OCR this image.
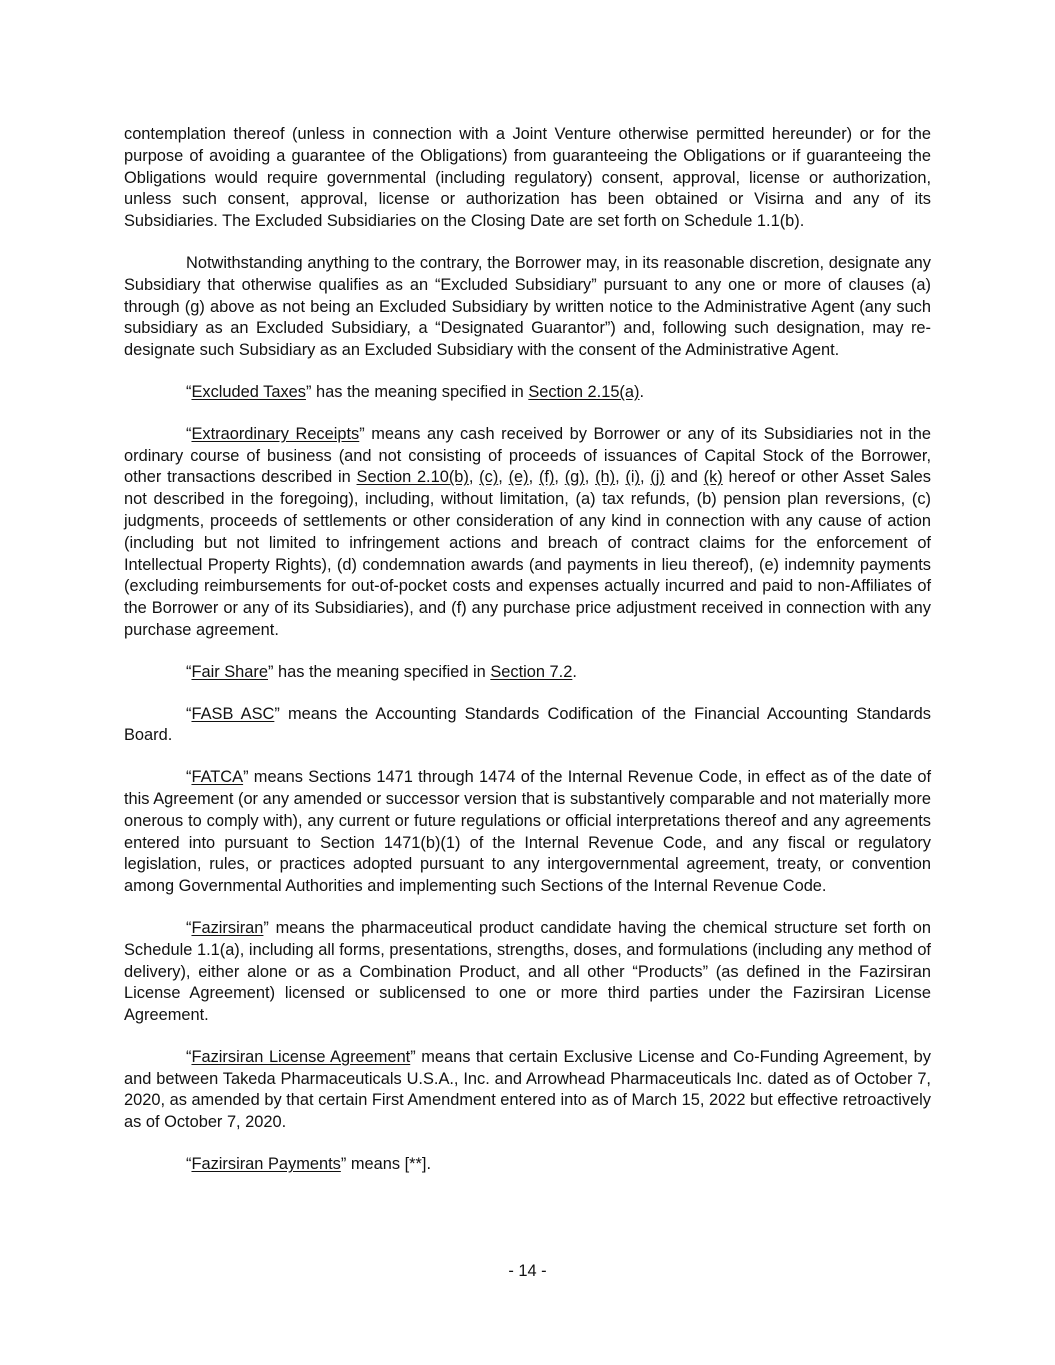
contemplation thereof (unless in connection with a Joint Venture otherwise permitted hereunder) or for the purpose of avoiding a guarantee of the Obligations) from guaranteeing the Obligations or if guaranteeing the Obligations would require governmental (including regulatory) consent, approval, license or authorization, unless such consent, approval, license or authorization has been obtained or Visirna and any of its Subsidiaries. The Excluded Subsidiaries on the Closing Date are set forth on Schedule 1.1(b).

Notwithstanding anything to the contrary, the Borrower may, in its reasonable discretion, designate any Subsidiary that otherwise qualifies as an “Excluded Subsidiary” pursuant to any one or more of clauses (a) through (g) above as not being an Excluded Subsidiary by written notice to the Administrative Agent (any such subsidiary as an Excluded Subsidiary, a “Designated Guarantor”) and, following such designation, may re-designate such Subsidiary as an Excluded Subsidiary with the consent of the Administrative Agent.

“Excluded Taxes” has the meaning specified in Section 2.15(a).

“Extraordinary Receipts” means any cash received by Borrower or any of its Subsidiaries not in the ordinary course of business (and not consisting of proceeds of issuances of Capital Stock of the Borrower, other transactions described in Section 2.10(b), (c), (e), (f), (g), (h), (i), (j) and (k) hereof or other Asset Sales not described in the foregoing), including, without limitation, (a) tax refunds, (b) pension plan reversions, (c) judgments, proceeds of settlements or other consideration of any kind in connection with any cause of action (including but not limited to infringement actions and breach of contract claims for the enforcement of Intellectual Property Rights), (d) condemnation awards (and payments in lieu thereof), (e) indemnity payments (excluding reimbursements for out-of-pocket costs and expenses actually incurred and paid to non-Affiliates of the Borrower or any of its Subsidiaries), and (f) any purchase price adjustment received in connection with any purchase agreement.

“Fair Share” has the meaning specified in Section 7.2.

“FASB ASC” means the Accounting Standards Codification of the Financial Accounting Standards Board.

“FATCA” means Sections 1471 through 1474 of the Internal Revenue Code, in effect as of the date of this Agreement (or any amended or successor version that is substantively comparable and not materially more onerous to comply with), any current or future regulations or official interpretations thereof and any agreements entered into pursuant to Section 1471(b)(1) of the Internal Revenue Code, and any fiscal or regulatory legislation, rules, or practices adopted pursuant to any intergovernmental agreement, treaty, or convention among Governmental Authorities and implementing such Sections of the Internal Revenue Code.

“Fazirsiran” means the pharmaceutical product candidate having the chemical structure set forth on Schedule 1.1(a), including all forms, presentations, strengths, doses, and formulations (including any method of delivery), either alone or as a Combination Product, and all other “Products” (as defined in the Fazirsiran License Agreement) licensed or sublicensed to one or more third parties under the Fazirsiran License Agreement.

“Fazirsiran License Agreement” means that certain Exclusive License and Co-Funding Agreement, by and between Takeda Pharmaceuticals U.S.A., Inc. and Arrowhead Pharmaceuticals Inc. dated as of October 7, 2020, as amended by that certain First Amendment entered into as of March 15, 2022 but effective retroactively as of October 7, 2020.

“Fazirsiran Payments” means [**].

- 14 -
